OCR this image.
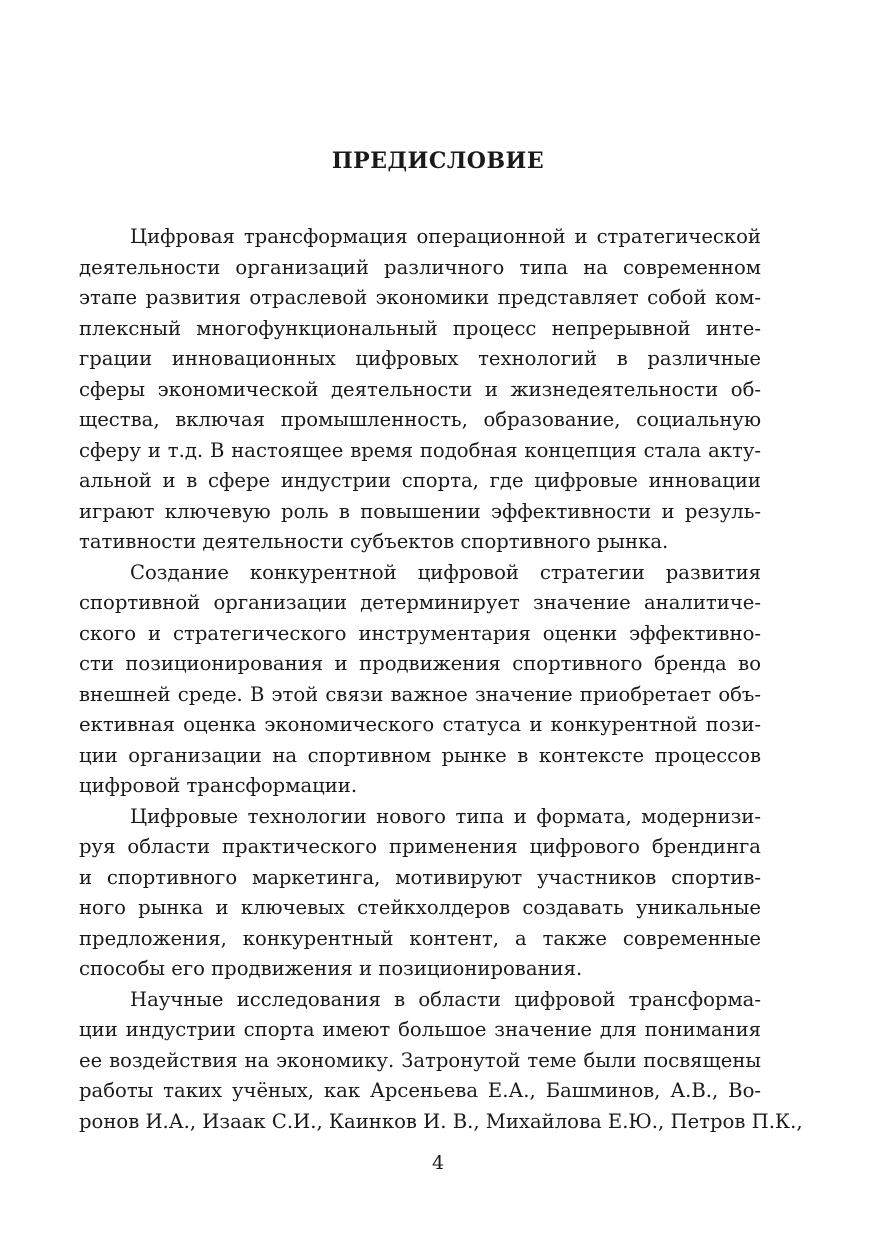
ПРЕДИСЛОВИЕ
Цифровая трансформация операционной и стратегической
деятельности организаций различного типа на современном
этапе развития отраслевой экономики представляет собой ком-
плексный многофункциональный процесс непрерывной инте-
грации инновационных цифровых технологий в различные
сферы экономической деятельности и жизнедеятельности об-
щества, включая промышленность, образование, социальную
сферу и т.д. В настоящее время подобная концепция стала акту-
альной и в сфере индустрии спорта, где цифровые инновации
играют ключевую роль в повышении эффективности и резуль-
тативности деятельности субъектов спортивного рынка.
Создание конкурентной цифровой стратегии развития
спортивной организации детерминирует значение аналитиче-
ского и стратегического инструментария оценки эффективно-
сти позиционирования и продвижения спортивного бренда во
внешней среде. В этой связи важное значение приобретает объ-
ективная оценка экономического статуса и конкурентной пози-
ции организации на спортивном рынке в контексте процессов
цифровой трансформации.
Цифровые технологии нового типа и формата, модернизи-
руя области практического применения цифрового брендинга
и спортивного маркетинга, мотивируют участников спортив-
ного рынка и ключевых стейкхолдеров создавать уникальные
предложения, конкурентный контент, а также современные
способы его продвижения и позиционирования.
Научные исследования в области цифровой трансформа-
ции индустрии спорта имеют большое значение для понимания
ее воздействия на экономику. Затронутой теме были посвящены
работы таких учёных, как Арсеньева Е.А., Башминов, А.В., Во-
ронов И.А., Изаак С.И., Каинков И. В., Михайлова Е.Ю., Петров П.К.,
4
